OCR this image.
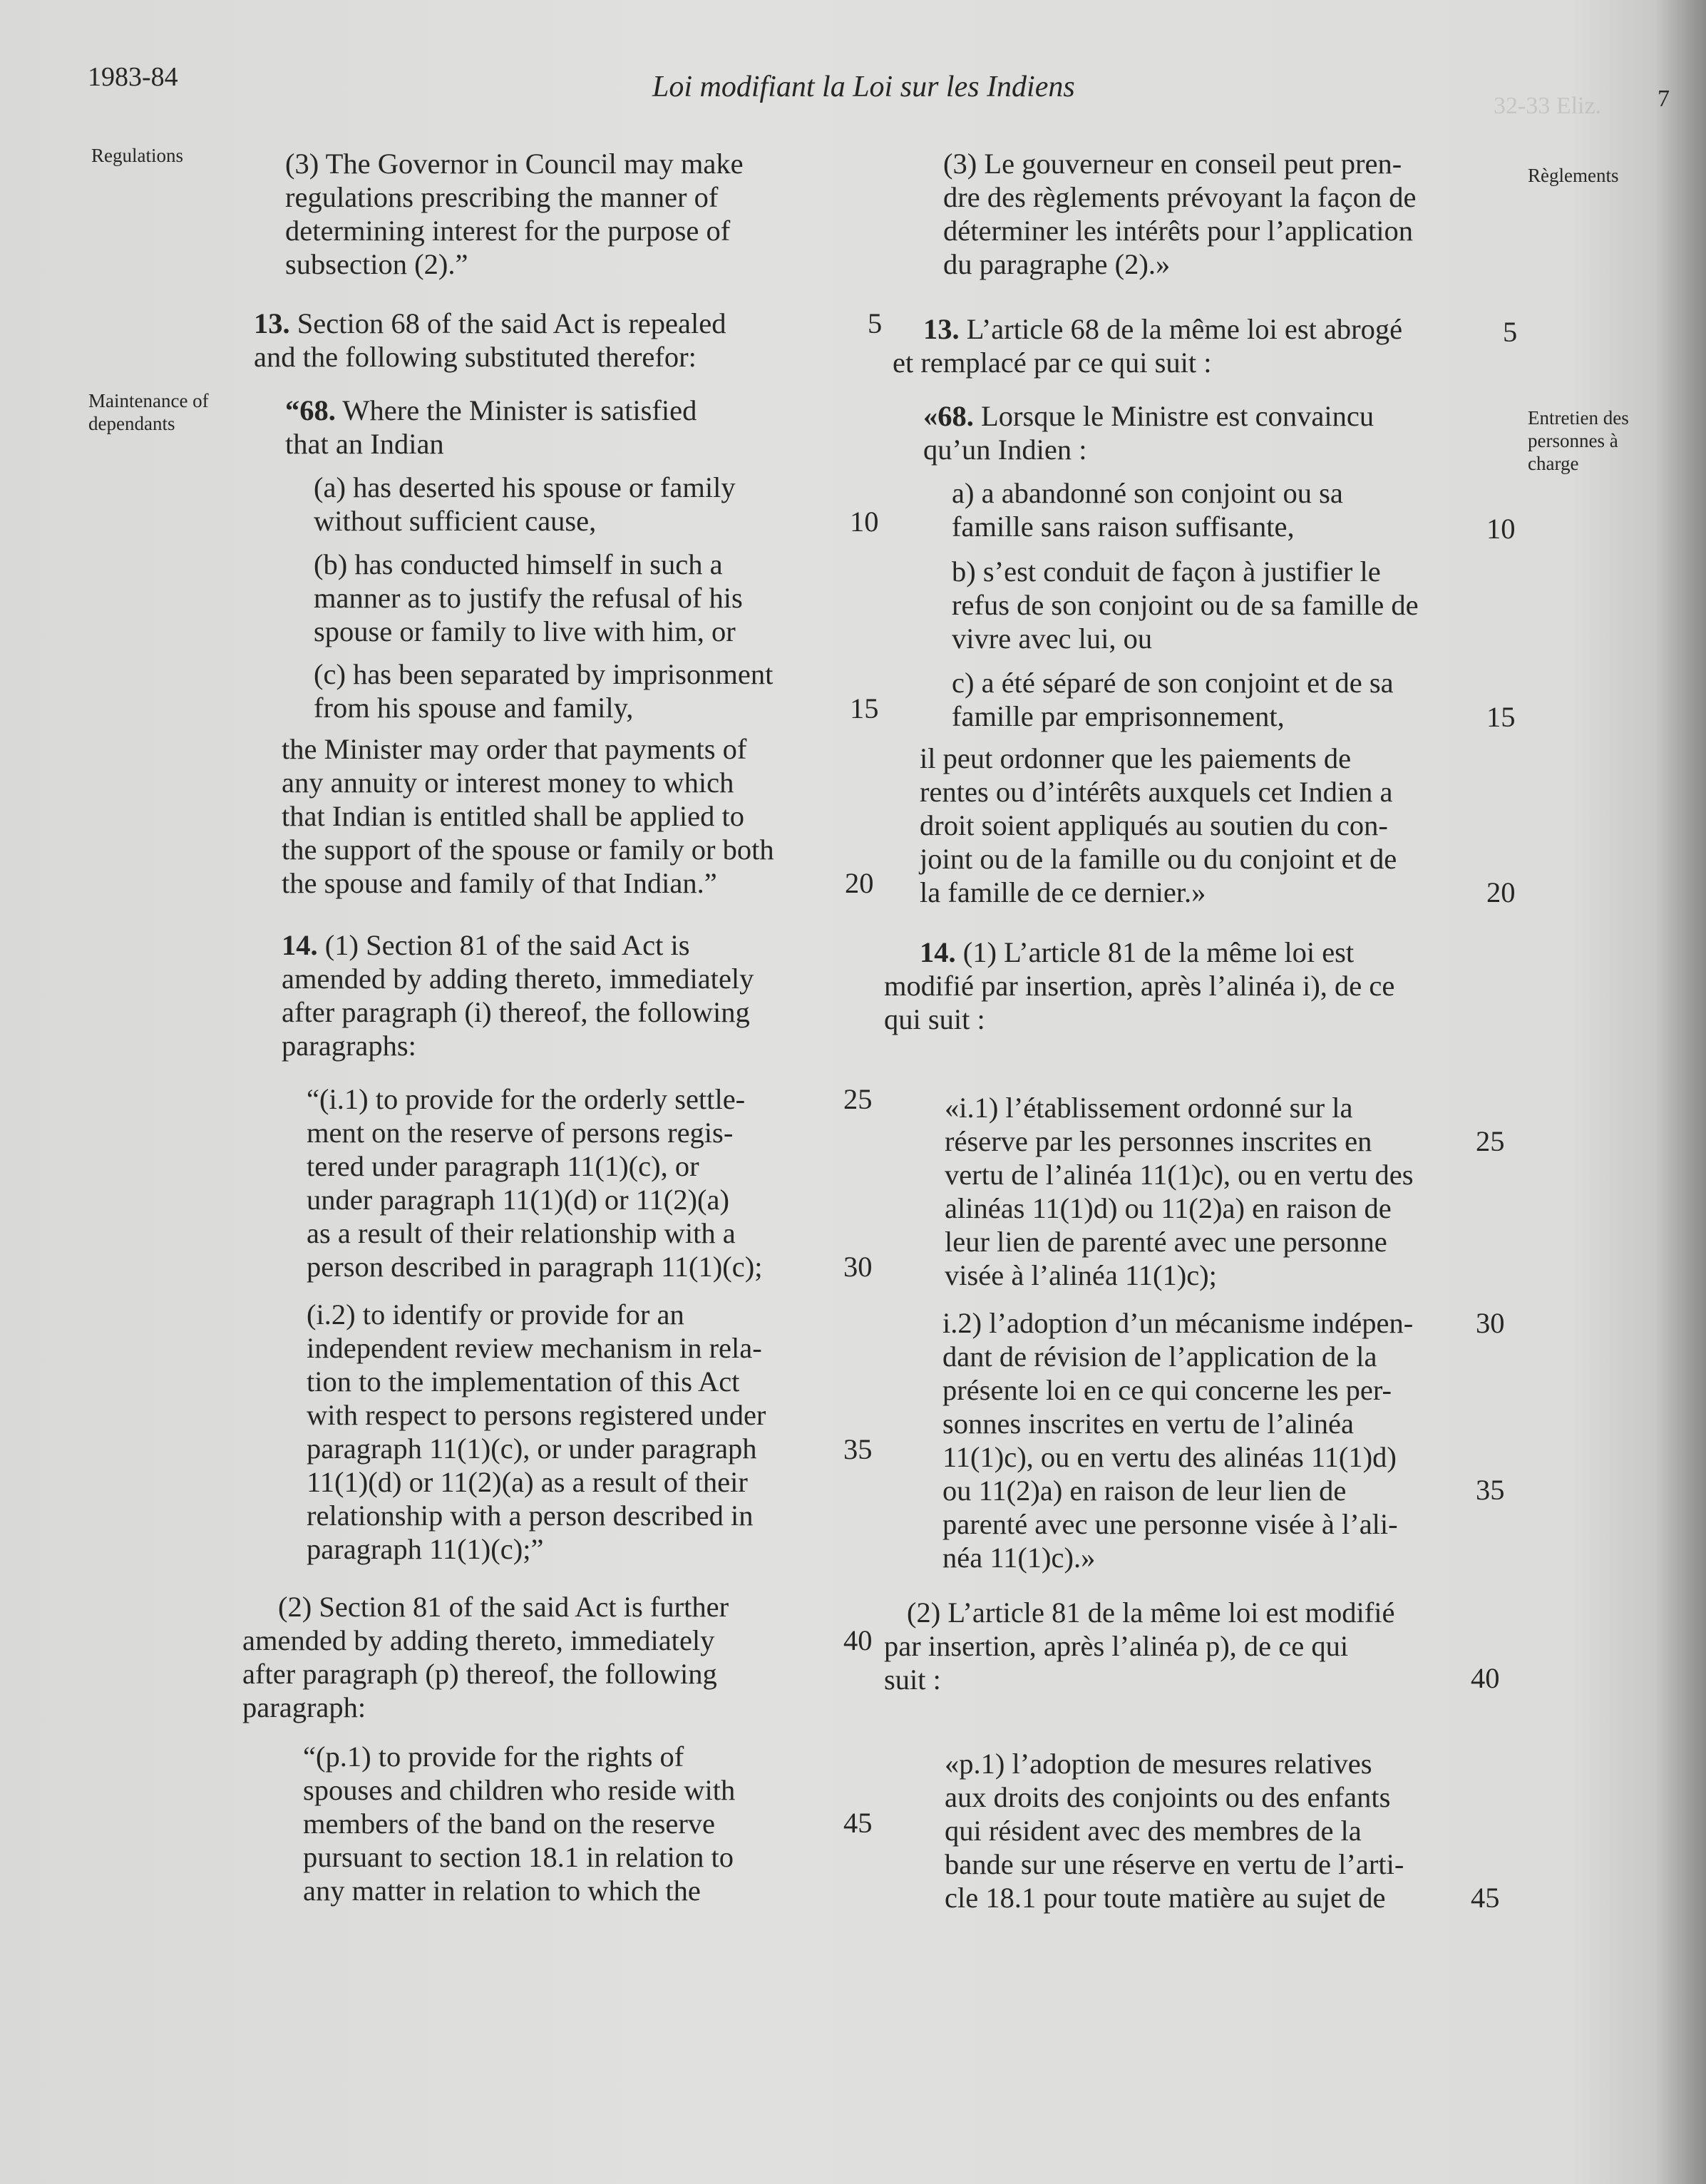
1983-84	Loi modifiant la Loi sur les Indiens	7
32-33 Eliz.
Regulations
Règlements
Maintenance of
dependants	Entretien des
personnes à
charge

(3) The Governor in Council may make

regulations prescribing the manner of

determining interest for the purpose of

subsection (2).”

13. Section 68 of the said Act is repealed

and the following substituted therefor:

“68. Where the Minister is satisfied

that an Indian

(a) has deserted his spouse or family

without sufficient cause,

(b) has conducted himself in such a

manner as to justify the refusal of his

spouse or family to live with him, or

(c) has been separated by imprisonment

from his spouse and family,

the Minister may order that payments of

any annuity or interest money to which

that Indian is entitled shall be applied to

the support of the spouse or family or both

the spouse and family of that Indian.”

14. (1) Section 81 of the said Act is

amended by adding thereto, immediately

after paragraph (i) thereof, the following

paragraphs:

“(i.1) to provide for the orderly settle-

ment on the reserve of persons regis-

tered under paragraph 11(1)(c), or

under paragraph 11(1)(d) or 11(2)(a)

as a result of their relationship with a

person described in paragraph 11(1)(c);

(i.2) to identify or provide for an

independent review mechanism in rela-

tion to the implementation of this Act

with respect to persons registered under

paragraph 11(1)(c), or under paragraph

11(1)(d) or 11(2)(a) as a result of their

relationship with a person described in

paragraph 11(1)(c);”

(2) Section 81 of the said Act is further

amended by adding thereto, immediately

after paragraph (p) thereof, the following

paragraph:

“(p.1) to provide for the rights of

spouses and children who reside with

members of the band on the reserve

pursuant to section 18.1 in relation to

any matter in relation to which the

5
10
15
20
25
30
35
40
45

(3) Le gouverneur en conseil peut pren-

dre des règlements prévoyant la façon de

déterminer les intérêts pour l’application

du paragraphe (2).»

13. L’article 68 de la même loi est abrogé

et remplacé par ce qui suit :

«68. Lorsque le Ministre est convaincu

qu’un Indien :

a) a abandonné son conjoint ou sa

famille sans raison suffisante,

b) s’est conduit de façon à justifier le

refus de son conjoint ou de sa famille de

vivre avec lui, ou

c) a été séparé de son conjoint et de sa

famille par emprisonnement,

il peut ordonner que les paiements de

rentes ou d’intérêts auxquels cet Indien a

droit soient appliqués au soutien du con-

joint ou de la famille ou du conjoint et de

la famille de ce dernier.»

14. (1) L’article 81 de la même loi est

modifié par insertion, après l’alinéa i), de ce

qui suit :

«i.1) l’établissement ordonné sur la

réserve par les personnes inscrites en

vertu de l’alinéa 11(1)c), ou en vertu des

alinéas 11(1)d) ou 11(2)a) en raison de

leur lien de parenté avec une personne

visée à l’alinéa 11(1)c);

i.2) l’adoption d’un mécanisme indépen-

dant de révision de l’application de la

présente loi en ce qui concerne les per-

sonnes inscrites en vertu de l’alinéa

11(1)c), ou en vertu des alinéas 11(1)d)

ou 11(2)a) en raison de leur lien de

parenté avec une personne visée à l’ali-

néa 11(1)c).»

(2) L’article 81 de la même loi est modifié

par insertion, après l’alinéa p), de ce qui

suit :

«p.1) l’adoption de mesures relatives

aux droits des conjoints ou des enfants

qui résident avec des membres de la

bande sur une réserve en vertu de l’arti-

cle 18.1 pour toute matière au sujet de

5
10
15
20
25
30
35
40
45
